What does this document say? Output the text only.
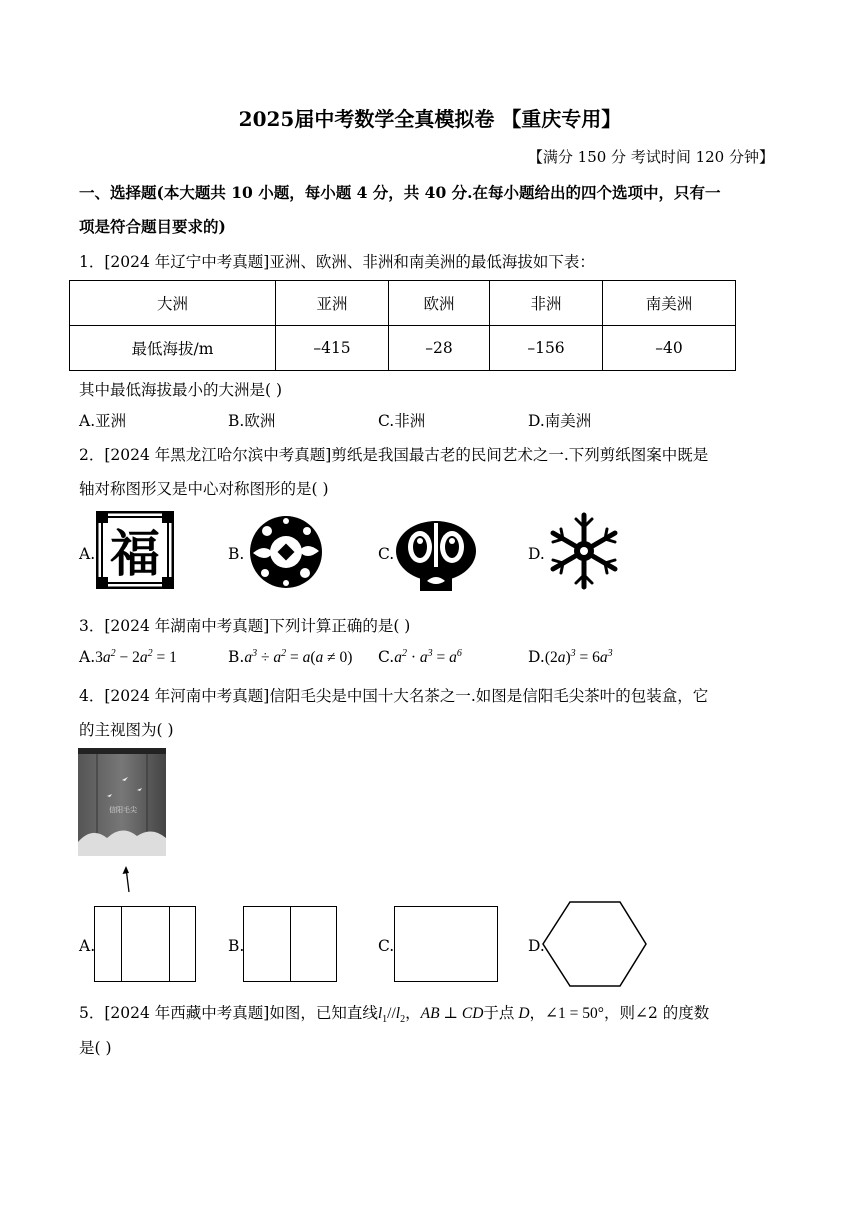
2025届中考数学全真模拟卷 【重庆专用】
【满分 150 分 考试时间 120 分钟】
一、选择题(本大题共 10 小题，每小题 4 分，共 40 分.在每小题给出的四个选项中，只有一
项是符合题目要求的)
1．[2024 年辽宁中考真题]亚洲、欧洲、非洲和南美洲的最低海拔如下表：
大洲	亚洲	欧洲	非洲	南美洲
最低海拔/m	–415	–28	–156	–40
其中最低海拔最小的大洲是( )
A.亚洲	B.欧洲	C.非洲	D.南美洲
2．[2024 年黑龙江哈尔滨中考真题]剪纸是我国最古老的民间艺术之一.下列剪纸图案中既是
轴对称图形又是中心对称图形的是( )
A. 福	B.	C.	D.
3．[2024 年湖南中考真题]下列计算正确的是( )
$A.3a^2 - 2a^2 = 1$	$B.a^3 \div a^2 = a(a \ne 0) C.a^2 \cdot a^3 = a^6$	$D.(2a)^3 = 6a^3$
4．[2024 年河南中考真题]信阳毛尖是中国十大名茶之一.如图是信阳毛尖茶叶的包装盒，它
的主视图为( )
信阳毛尖
A.	B.	C.	D.
5．[2024 年西藏中考真题]如图，已知直线$l_1//l_2$，AB ⊥ CD于点 D，∠1 = 50°，则∠2 的度数
是( )
